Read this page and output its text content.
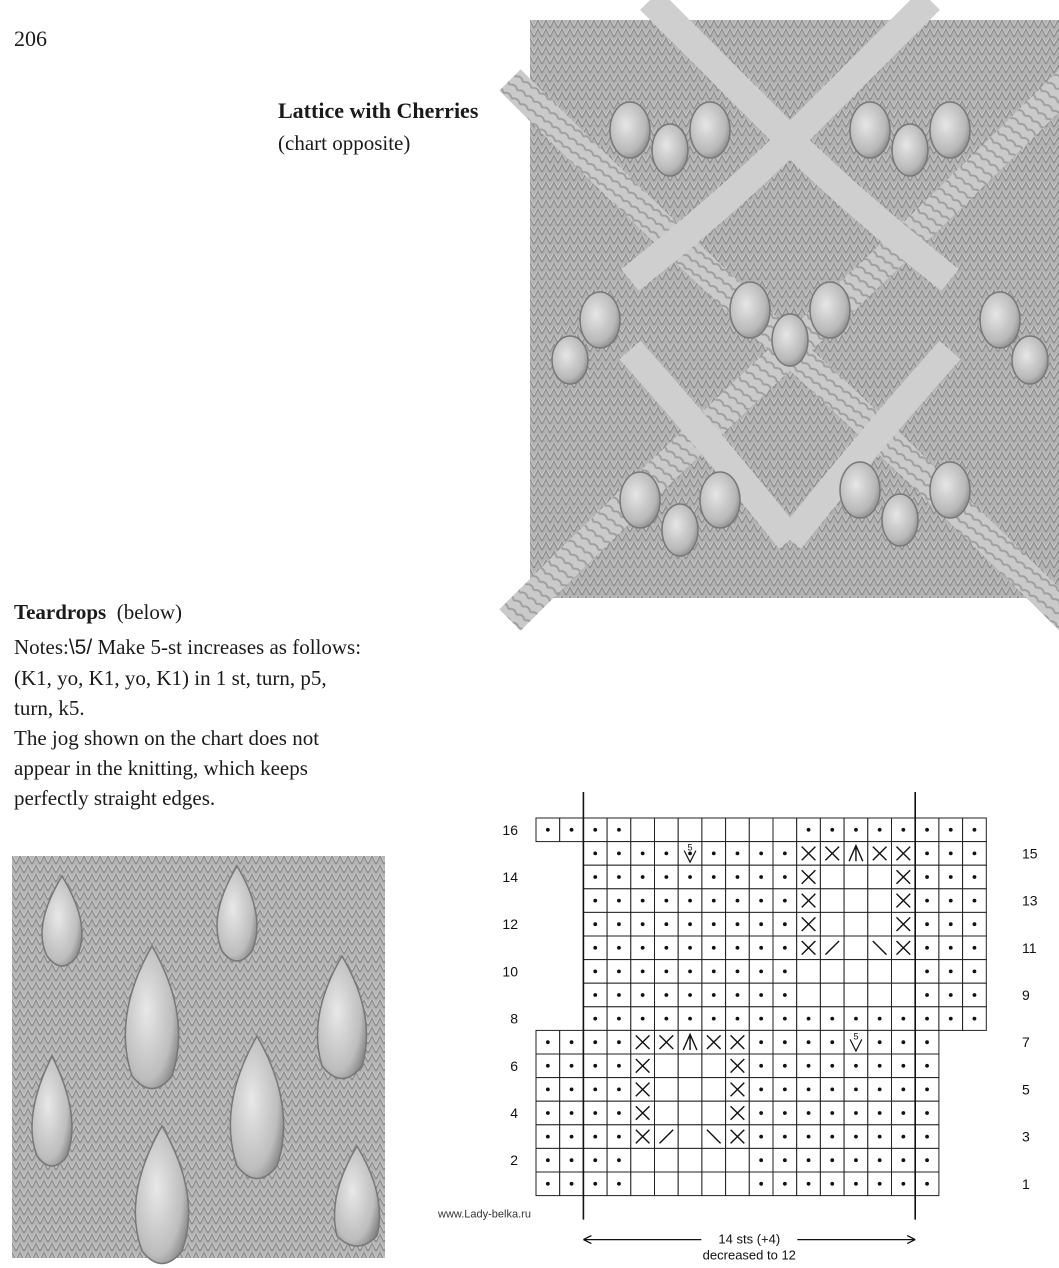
206
Lattice with Cherries
(chart opposite)
Teardrops (below)

Notes:\5/ Make 5-st increases as follows:

(K1, yo, K1, yo, K1) in 1 st, turn, p5,

turn, k5.

The jog shown on the chart does not

appear in the knitting, which keeps

perfectly straight edges.

5
5
16
14
12
10
8
6
4
2
15
13
11
9
7
5
3
1
www.Lady-belka.ru
14 sts (+4)
decreased to 12
